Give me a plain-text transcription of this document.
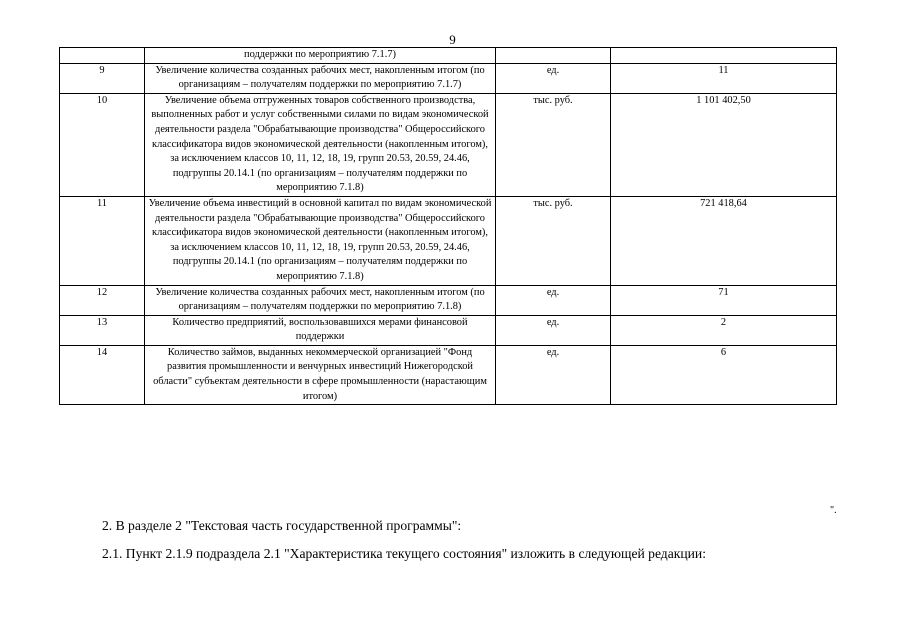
9
	поддержки по мероприятию 7.1.7)		
9	Увеличение количества созданных рабочих мест, накопленным итогом (по организациям – получателям поддержки по мероприятию 7.1.7)	ед.	11
10	Увеличение объема отгруженных товаров собственного производства, выполненных работ и услуг собственными силами по видам экономической деятельности раздела "Обрабатывающие производства" Общероссийского классификатора видов экономической деятельности (накопленным итогом), за исключением классов 10, 11, 12, 18, 19, групп 20.53, 20.59, 24.46, подгруппы 20.14.1 (по организациям – получателям поддержки по мероприятию 7.1.8)	тыс. руб.	1 101 402,50
11	Увеличение объема инвестиций в основной капитал по видам экономической деятельности раздела "Обрабатывающие производства" Общероссийского классификатора видов экономической деятельности (накопленным итогом), за исключением классов 10, 11, 12, 18, 19, групп 20.53, 20.59, 24.46, подгруппы 20.14.1 (по организациям – получателям поддержки по мероприятию 7.1.8)	тыс. руб.	721 418,64
12	Увеличение количества созданных рабочих мест, накопленным итогом (по организациям – получателям поддержки по мероприятию 7.1.8)	ед.	71
13	Количество предприятий, воспользовавшихся мерами финансовой поддержки	ед.	2
14	Количество займов, выданных некоммерческой организацией "Фонд развития промышленности и венчурных инвестиций Нижегородской области" субъектам деятельности в сфере промышленности (нарастающим итогом)	ед.	6
".
2. В разделе 2 "Текстовая часть государственной программы":
2.1. Пункт 2.1.9 подраздела 2.1 "Характеристика текущего состояния" изложить в следующей редакции:
